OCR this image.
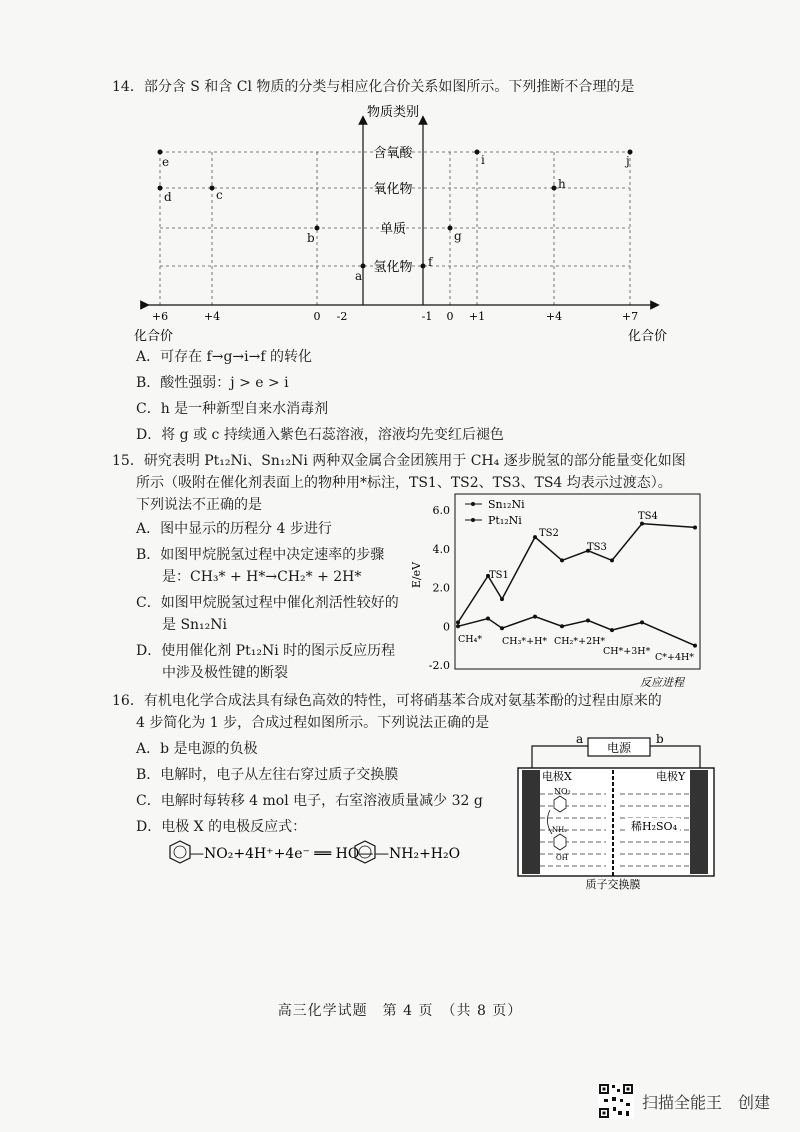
14．部分含 S 和含 Cl 物质的分类与相应化合价关系如图所示。下列推断不合理的是
物质类别
含氧酸
氧化物
单质
氢化物
+6	+4	0 -2	-1 0 +1	+4	+7
化合价	化合价
e
d	c
b
a
f
g
i
h
j
A．可存在 f→g→i→f 的转化
B．酸性强弱：j > e > i
C．h 是一种新型自来水消毒剂
D．将 g 或 c 持续通入紫色石蕊溶液，溶液均先变红后褪色
15．研究表明 Pt₁₂Ni、Sn₁₂Ni 两种双金属合金团簇用于 CH₄ 逐步脱氢的部分能量变化如图
所示（吸附在催化剂表面上的物种用*标注，TS1、TS2、TS3、TS4 均表示过渡态）。
下列说法不正确的是
A．图中显示的历程分 4 步进行
B．如图甲烷脱氢过程中决定速率的步骤
是：CH₃* + H*→CH₂* + 2H*
C．如图甲烷脱氢过程中催化剂活性较好的
是 Sn₁₂Ni
D．使用催化剂 Pt₁₂Ni 时的图示反应历程
中涉及极性键的断裂
E/eV
6.0
4.0
2.0
0
-2.0
Sn₁₂Ni
Pt₁₂Ni
TS1
TS2
TS3
TS4
CH₄* CH₃*+H* CH₂*+2H*
CH*+3H*
C*+4H*
反应进程
16．有机电化学合成法具有绿色高效的特性，可将硝基苯合成对氨基苯酚的过程由原来的
4 步简化为 1 步，合成过程如图所示。下列说法正确的是
A．b 是电源的负极
B．电解时，电子从左往右穿过质子交换膜
C．电解时每转移 4 mol 电子，右室溶液质量减少 32 g
D．电极 X 的电极反应式：
—NO₂+4H⁺+4e⁻ ══ HO— —NH₂+H₂O
电源
a	b
电极X	电极Y
NO₂
NH₂
OH
稀H₂SO₄
质子交换膜
高三化学试题　第 4 页　（共 8 页）
扫描全能王　创建
